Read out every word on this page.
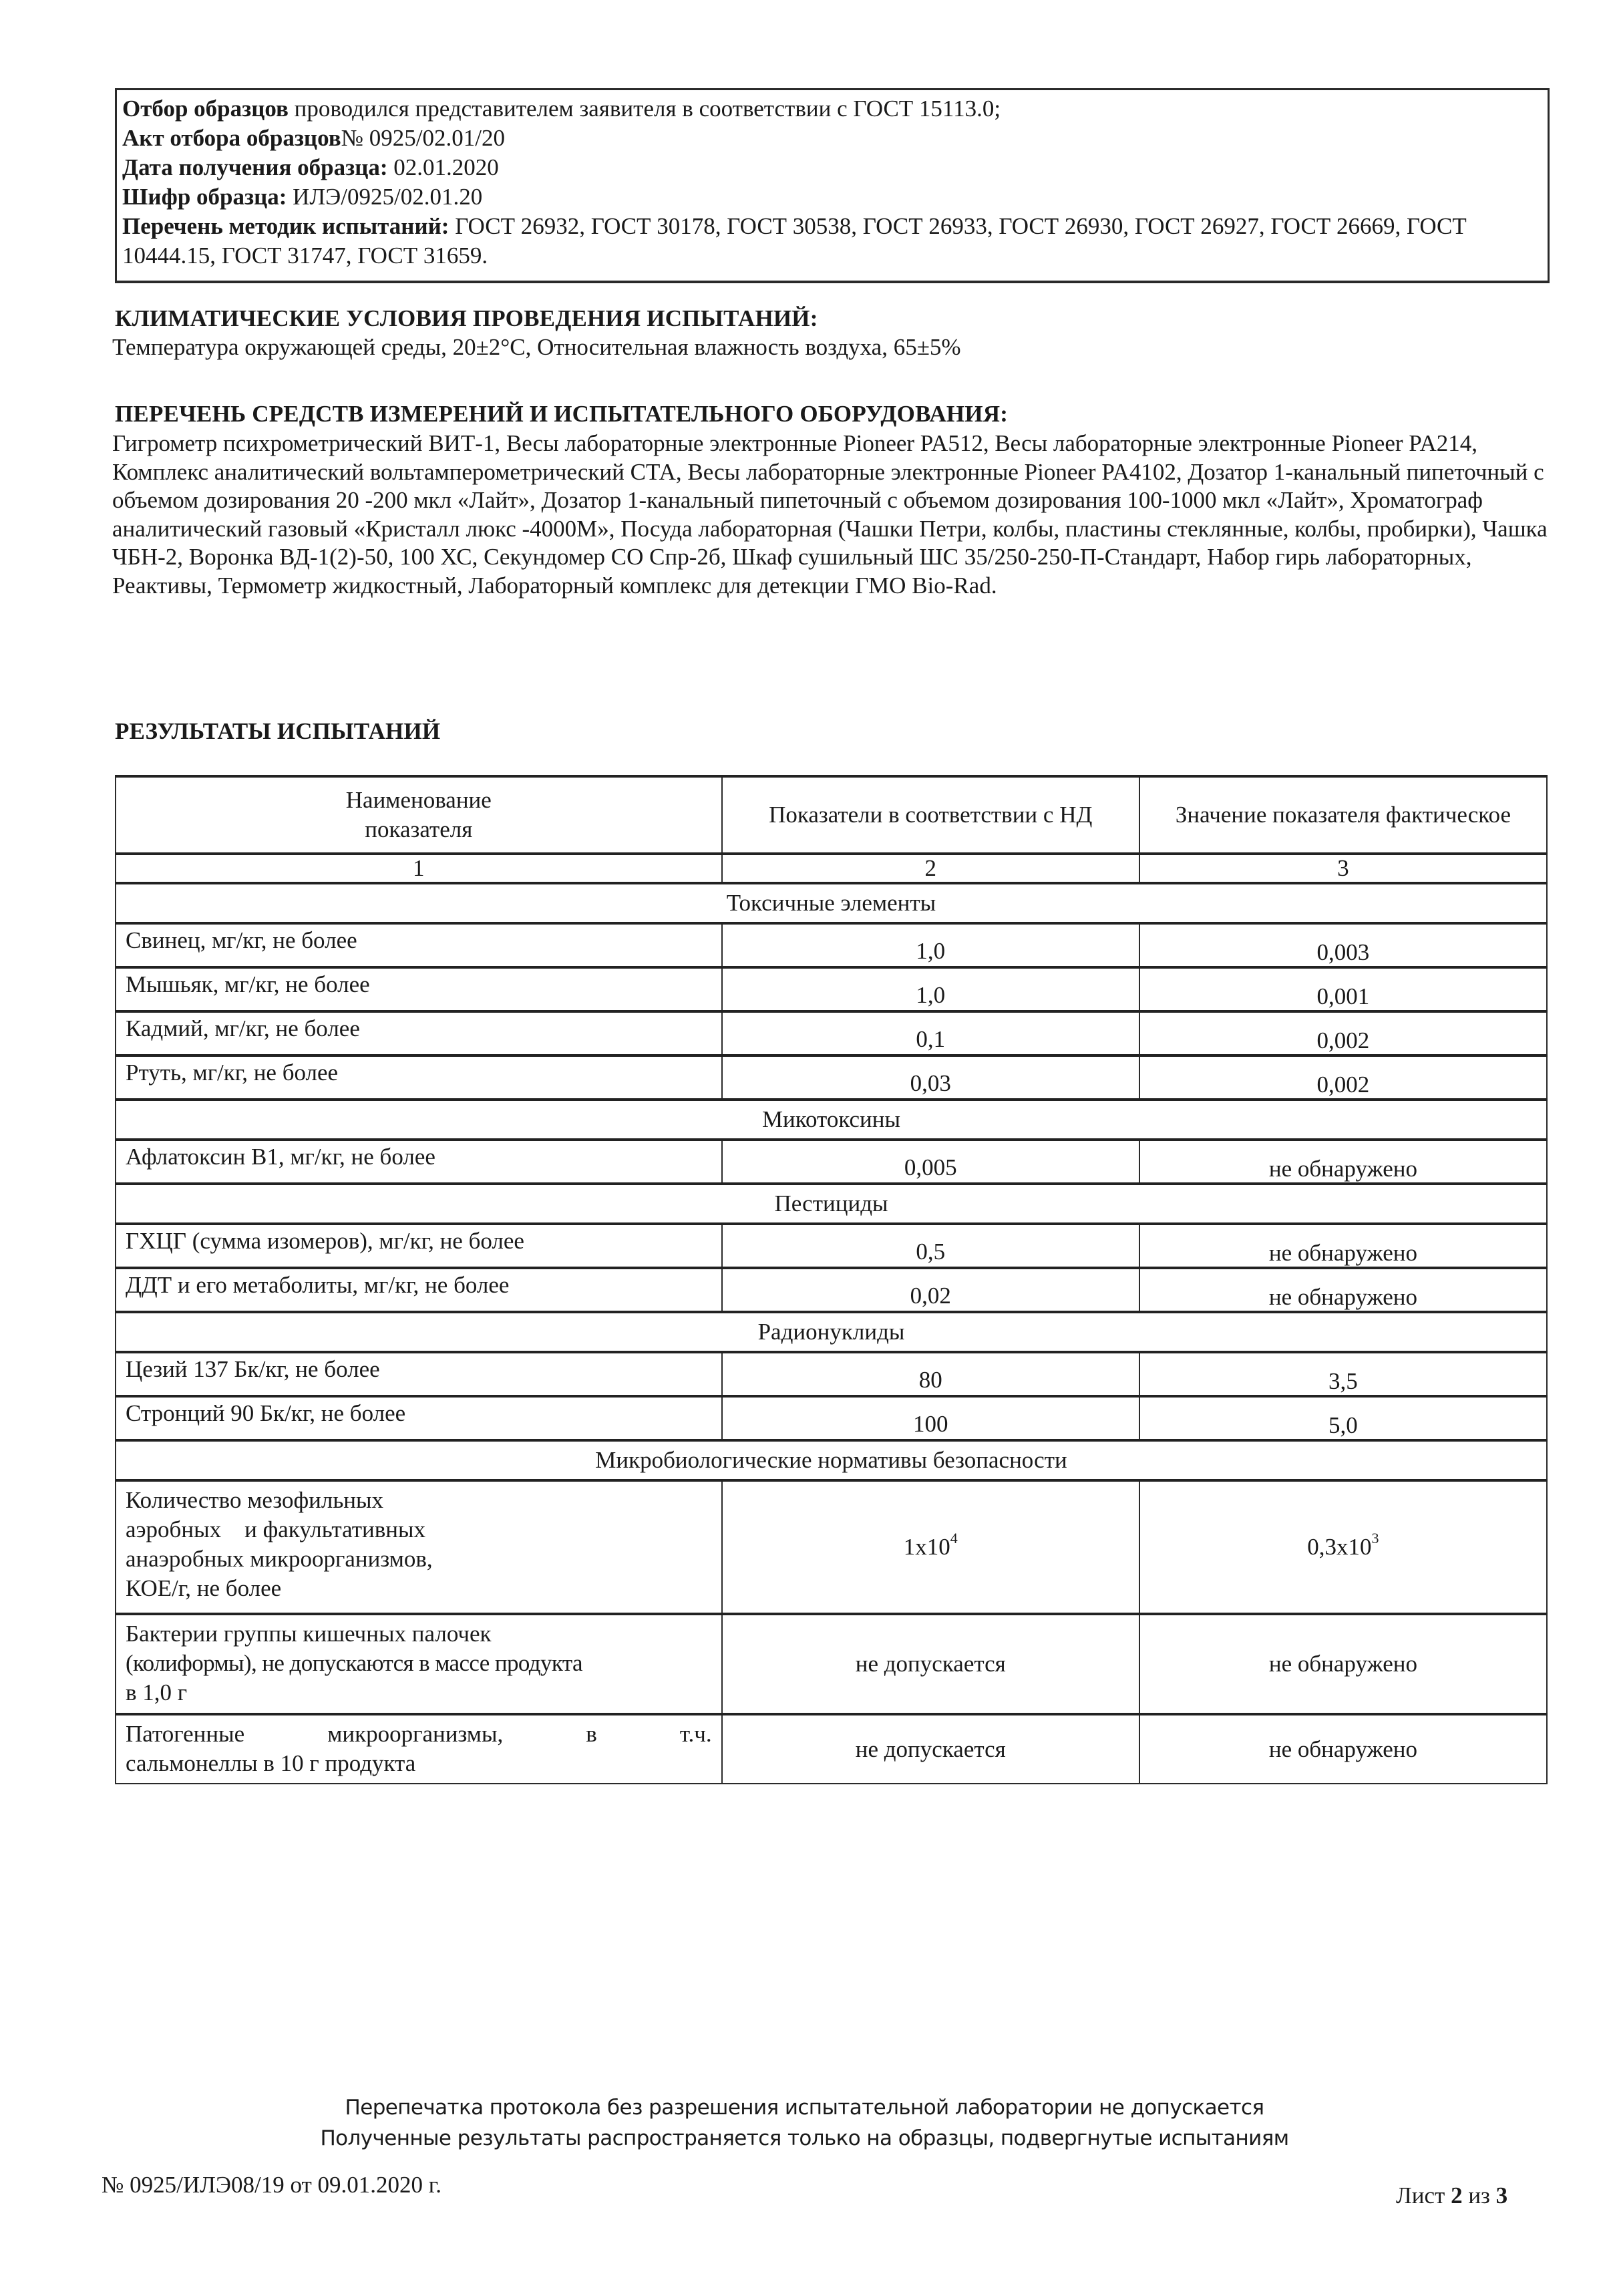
Отбор образцов проводился представителем заявителя в соответствии с ГОСТ 15113.0;
Акт отбора образцов№ 0925/02.01/20
Дата получения образца: 02.01.2020
Шифр образца: ИЛЭ/0925/02.01.20
Перечень методик испытаний: ГОСТ 26932, ГОСТ 30178, ГОСТ 30538, ГОСТ 26933, ГОСТ 26930, ГОСТ 26927, ГОСТ 26669, ГОСТ 10444.15, ГОСТ 31747, ГОСТ 31659.
КЛИМАТИЧЕСКИЕ УСЛОВИЯ ПРОВЕДЕНИЯ ИСПЫТАНИЙ:
Температура окружающей среды, 20±2°С, Относительная влажность воздуха, 65±5%
ПЕРЕЧЕНЬ СРЕДСТВ ИЗМЕРЕНИЙ И ИСПЫТАТЕЛЬНОГО ОБОРУДОВАНИЯ:
Гигрометр психрометрический ВИТ-1, Весы лабораторные электронные Pioneer PA512, Весы лабораторные электронные Pioneer PA214, Комплекс аналитический вольтамперометрический СТА, Весы лабораторные электронные Pioneer PA4102, Дозатор 1-канальный пипеточный с объемом дозирования 20 -200 мкл «Лайт», Дозатор 1-канальный пипеточный с объемом дозирования 100-1000 мкл «Лайт», Хроматограф аналитический газовый «Кристалл люкс -4000М», Посуда лабораторная (Чашки Петри, колбы, пластины стеклянные, колбы, пробирки), Чашка ЧБН-2, Воронка ВД-1(2)-50, 100 ХС, Секундомер СО Спр-2б, Шкаф сушильный ШС 35/250-250-П-Стандарт, Набор гирь лабораторных, Реактивы, Термометр жидкостный, Лабораторный комплекс для детекции ГМО Bio-Rad.
РЕЗУЛЬТАТЫ ИСПЫТАНИЙ
Наименование показателя	Показатели в соответствии с НД	Значение показателя фактическое
1	2	3
Токсичные элементы		
Свинец, мг/кг, не более	1,0	0,003
Мышьяк, мг/кг, не более	1,0	0,001
Кадмий, мг/кг, не более	0,1	0,002
Ртуть, мг/кг, не более	0,03	0,002
Микотоксины		
Афлатоксин В1, мг/кг, не более	0,005	не обнаружено
Пестициды		
ГХЦГ (сумма изомеров), мг/кг, не более	0,5	не обнаружено
ДДТ и его метаболиты, мг/кг, не более	0,02	не обнаружено
Радионуклиды		
Цезий 137 Бк/кг, не более	80	3,5
Стронций 90 Бк/кг, не более	100	5,0
Микробиологические нормативы безопасности		

Количество мезофильных
аэробных    и факультативных
анаэробных микроорганизмов,
КОЕ/г, не более	$1х10^4$	$0,3х10^3$

Бактерии группы кишечных палочек
(колиформы), не допускаются в массе продукта
в 1,0 г	не допускается	не обнаружено

Патогенные микроорганизмы, в т.ч.
сальмонеллы в 10 г продукта	не допускается	не обнаружено
Перепечатка протокола без разрешения испытательной лаборатории не допускается
Полученные результаты распространяется только на образцы, подвергнутые испытаниям
№ 0925/ИЛЭ08/19 от 09.01.2020 г.	Лист 2 из 3
